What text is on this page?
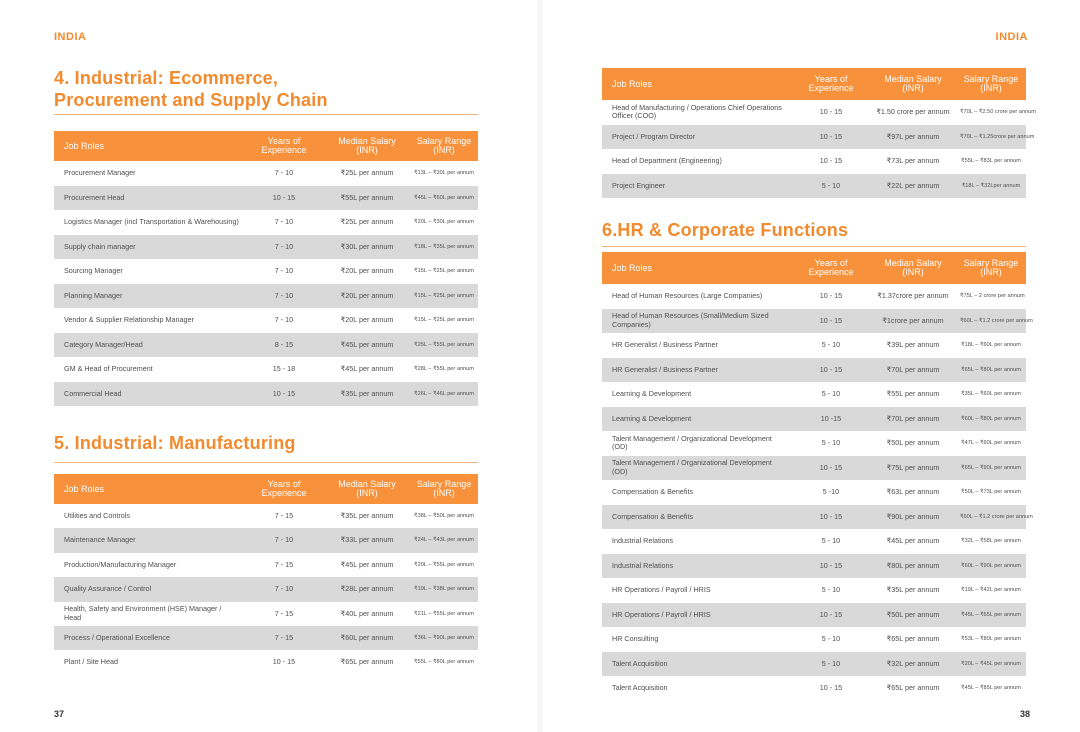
INDIA
4. Industrial: Ecommerce,
Procurement and Supply Chain
Job Roles	Years of Experience	Median Salary (INR)	Salary Range (INR)
Procurement Manager	7 - 10	₹25L per annum	₹13L – ₹30L per annum
Procurement Head	10 - 15	₹55L per annum	₹45L – ₹60L per annum
Logistics Manager (incl Transportation & Warehousing)	7 - 10	₹25L per annum	₹20L – ₹30L per annum
Supply chain manager	7 - 10	₹30L per annum	₹18L – ₹35L per annum
Sourcing Manager	7 - 10	₹20L per annum	₹15L – ₹25L per annum
Planning Manager	7 - 10	₹20L per annum	₹15L – ₹25L per annum
Vendor & Supplier Relationship Manager	7 - 10	₹20L per annum	₹15L – ₹25L per annum
Category Manager/Head	8 - 15	₹45L per annum	₹25L – ₹55L per annum
GM & Head of Procurement	15 - 18	₹45L per annum	₹28L – ₹55L per annum
Commercial Head	10 - 15	₹35L per annum	₹26L – ₹46L per annum
5. Industrial: Manufacturing
Job Roles	Years of Experience	Median Salary (INR)	Salary Range (INR)
Utilities and Controls	7 - 15	₹35L per annum	₹38L – ₹50L per annum
Maintenance Manager	7 - 10	₹33L per annum	₹24L – ₹43L per annum
Production/Manufacturing Manager	7 - 15	₹45L per annum	₹20L – ₹55L per annum
Quality Assurance / Control	7 - 10	₹28L per annum	₹19L – ₹38L per annum
Health, Safety and Environment (HSE) Manager / Head	7 - 15	₹40L per annum	₹21L – ₹55L per annum
Process / Operational Excellence	7 - 15	₹60L per annum	₹36L – ₹90L per annum
Plant / Site Head	10 - 15	₹65L per annum	₹55L – ₹80L per annum
37
INDIA
Job Roles	Years of Experience	Median Salary (INR)	Salary Range (INR)
Head of Manufacturing / Operations Chief Operations Officer (COO)	10 - 15	₹1.50 crore per annum	₹70L – ₹2.50 crore per annum
Project / Program Director	10 - 15	₹97L per annum	₹70L – ₹1.25crore per annum
Head of Department (Engineering)	10 - 15	₹73L per annum	₹55L – ₹83L per annum
Project Engineer	5 - 10	₹22L per annum	₹18L – ₹32Lper annum
6.HR & Corporate Functions
Job Roles	Years of Experience	Median Salary (INR)	Salary Range (INR)
Head of Human Resources (Large Companies)	10 - 15	₹1.37crore per annum	₹75L – 2 crore per annum
Head of Human Resources (Small/Medium Sized Companies)	10 - 15	₹1crore per annum	₹60L – ₹1.2 crore per annum
HR Generalist / Business Partner	5 - 10	₹39L per annum	₹18L – ₹60L per annum
HR Generalist / Business Partner	10 - 15	₹70L per annum	₹65L – ₹80L per annum
Learning & Development	5 - 10	₹55L per annum	₹35L – ₹60L per annum
Learning & Development	10 -15	₹70L per annum	₹60L – ₹80L per annum
Talent Management / Organizational Development (OD)	5 - 10	₹50L per annum	₹47L – ₹60L per annum
Talent Management / Organizational Development (OD)	10 - 15	₹75L per annum	₹65L – ₹90L per annum
Compensation & Benefits	5 -10	₹63L per annum	₹50L – ₹73L per annum
Compensation & Benefits	10 - 15	₹90L per annum	₹60L – ₹1.2 crore per annum
Industrial Relations	5 - 10	₹45L per annum	₹32L – ₹58L per annum
Industrial Relations	10 - 15	₹80L per annum	₹60L – ₹90L per annum
HR Operations / Payroll / HRIS	5 - 10	₹35L per annum	₹19L – ₹42L per annum
HR Operations / Payroll / HRIS	10 - 15	₹50L per annum	₹45L – ₹65L per annum
HR Consulting	5 - 10	₹65L per annum	₹53L – ₹80L per annum
Talent Acquisition	5 - 10	₹32L per annum	₹20L – ₹45L per annum
Talent Acquisition	10 - 15	₹65L per annum	₹45L – ₹85L per annum
38
